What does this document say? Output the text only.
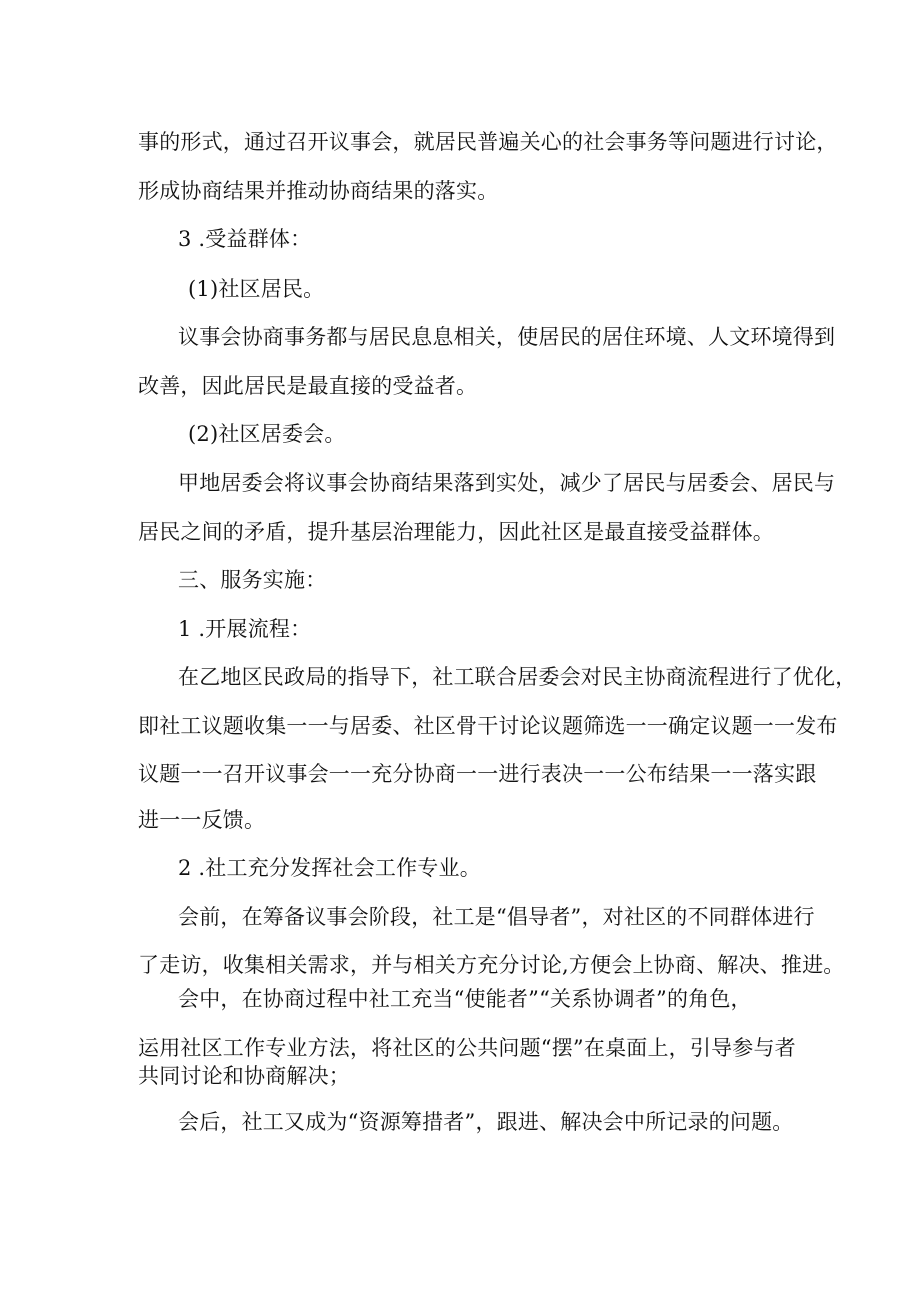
事的形式，通过召开议事会，就居民普遍关心的社会事务等问题进行讨论，
形成协商结果并推动协商结果的落实。
3 .受益群体：
(1)社区居民。
议事会协商事务都与居民息息相关，使居民的居住环境、人文环境得到
改善，因此居民是最直接的受益者。
(2)社区居委会。
甲地居委会将议事会协商结果落到实处，减少了居民与居委会、居民与
居民之间的矛盾，提升基层治理能力，因此社区是最直接受益群体。
三、服务实施：
1 .开展流程：
在乙地区民政局的指导下，社工联合居委会对民主协商流程进行了优化，
即社工议题收集一一与居委、社区骨干讨论议题筛选一一确定议题一一发布
议题一一召开议事会一一充分协商一一进行表决一一公布结果一一落实跟
进一一反馈。
2 .社工充分发挥社会工作专业。
会前，在筹备议事会阶段，社工是“倡导者”，对社区的不同群体进行
了走访，收集相关需求，并与相关方充分讨论,方便会上协商、解决、推进。
会中，在协商过程中社工充当“使能者”“关系协调者”的角色，
运用社区工作专业方法，将社区的公共问题“摆”在桌面上，引导参与者
共同讨论和协商解决；
会后，社工又成为“资源筹措者”，跟进、解决会中所记录的问题。
